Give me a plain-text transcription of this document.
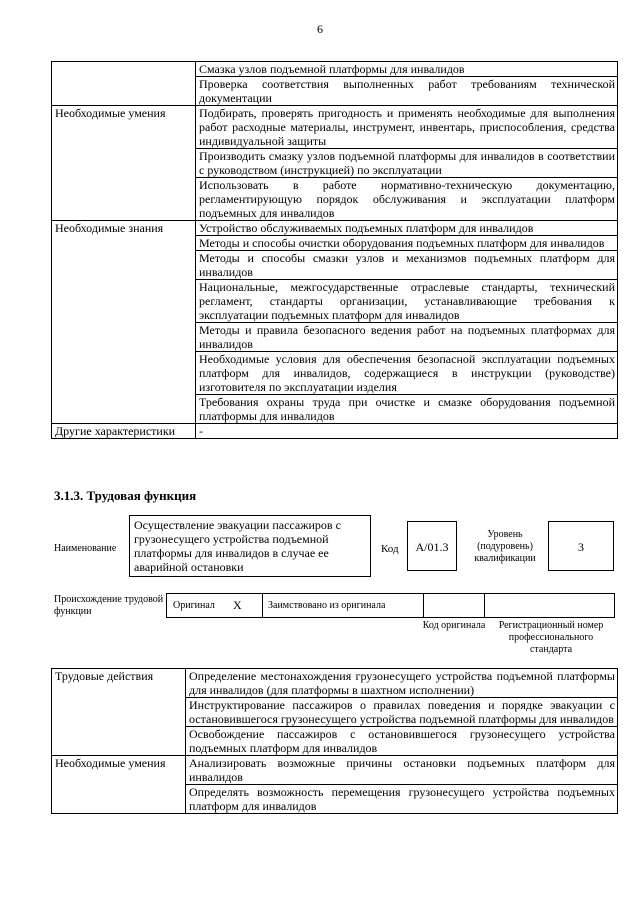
6
	Смазка узлов подъемной платформы для инвалидов
	Проверка соответствия выполненных работ требованиям технической документации
Необходимые умения	Подбирать, проверять пригодность и применять необходимые для выполнения работ расходные материалы, инструмент, инвентарь, приспособления, средства индивидуальной защиты
	Производить смазку узлов подъемной платформы для инвалидов в соответствии с руководством (инструкцией) по эксплуатации
	Использовать в работе нормативно-техническую документацию, регламентирующую порядок обслуживания и эксплуатации платформ подъемных для инвалидов
Необходимые знания	Устройство обслуживаемых подъемных платформ для инвалидов
	Методы и способы очистки оборудования подъемных платформ для инвалидов
	Методы и способы смазки узлов и механизмов подъемных платформ для инвалидов
	Национальные, межгосударственные отраслевые стандарты, технический регламент, стандарты организации, устанавливающие требования к эксплуатации подъемных платформ для инвалидов
	Методы и правила безопасного ведения работ на подъемных платформах для инвалидов
	Необходимые условия для обеспечения безопасной эксплуатации подъемных платформ для инвалидов, содержащиеся в инструкции (руководстве) изготовителя по эксплуатации изделия
	Требования охраны труда при очистке и смазке оборудования подъемной платформы для инвалидов
Другие характеристики	-
3.1.3. Трудовая функция
Наименование
Осуществление эвакуации пассажиров с грузонесущего устройства подъемной платформы для инвалидов в случае ее аварийной остановки
Код	A/01.3
Уровень (подуровень) квалификации
3
Происхождение трудовой функции
Оригинал X	Заимствовано из оригинала
Код оригинала	Регистрационный номер профессионального стандарта
Трудовые действия	Определение местонахождения грузонесущего устройства подъемной платформы для инвалидов (для платформы в шахтном исполнении)
	Инструктирование пассажиров о правилах поведения и порядке эвакуации с остановившегося грузонесущего устройства подъемной платформы для инвалидов
	Освобождение пассажиров с остановившегося грузонесущего устройства подъемных платформ для инвалидов
Необходимые умения	Анализировать возможные причины остановки подъемных платформ для инвалидов
	Определять возможность перемещения грузонесущего устройства подъемных платформ для инвалидов
